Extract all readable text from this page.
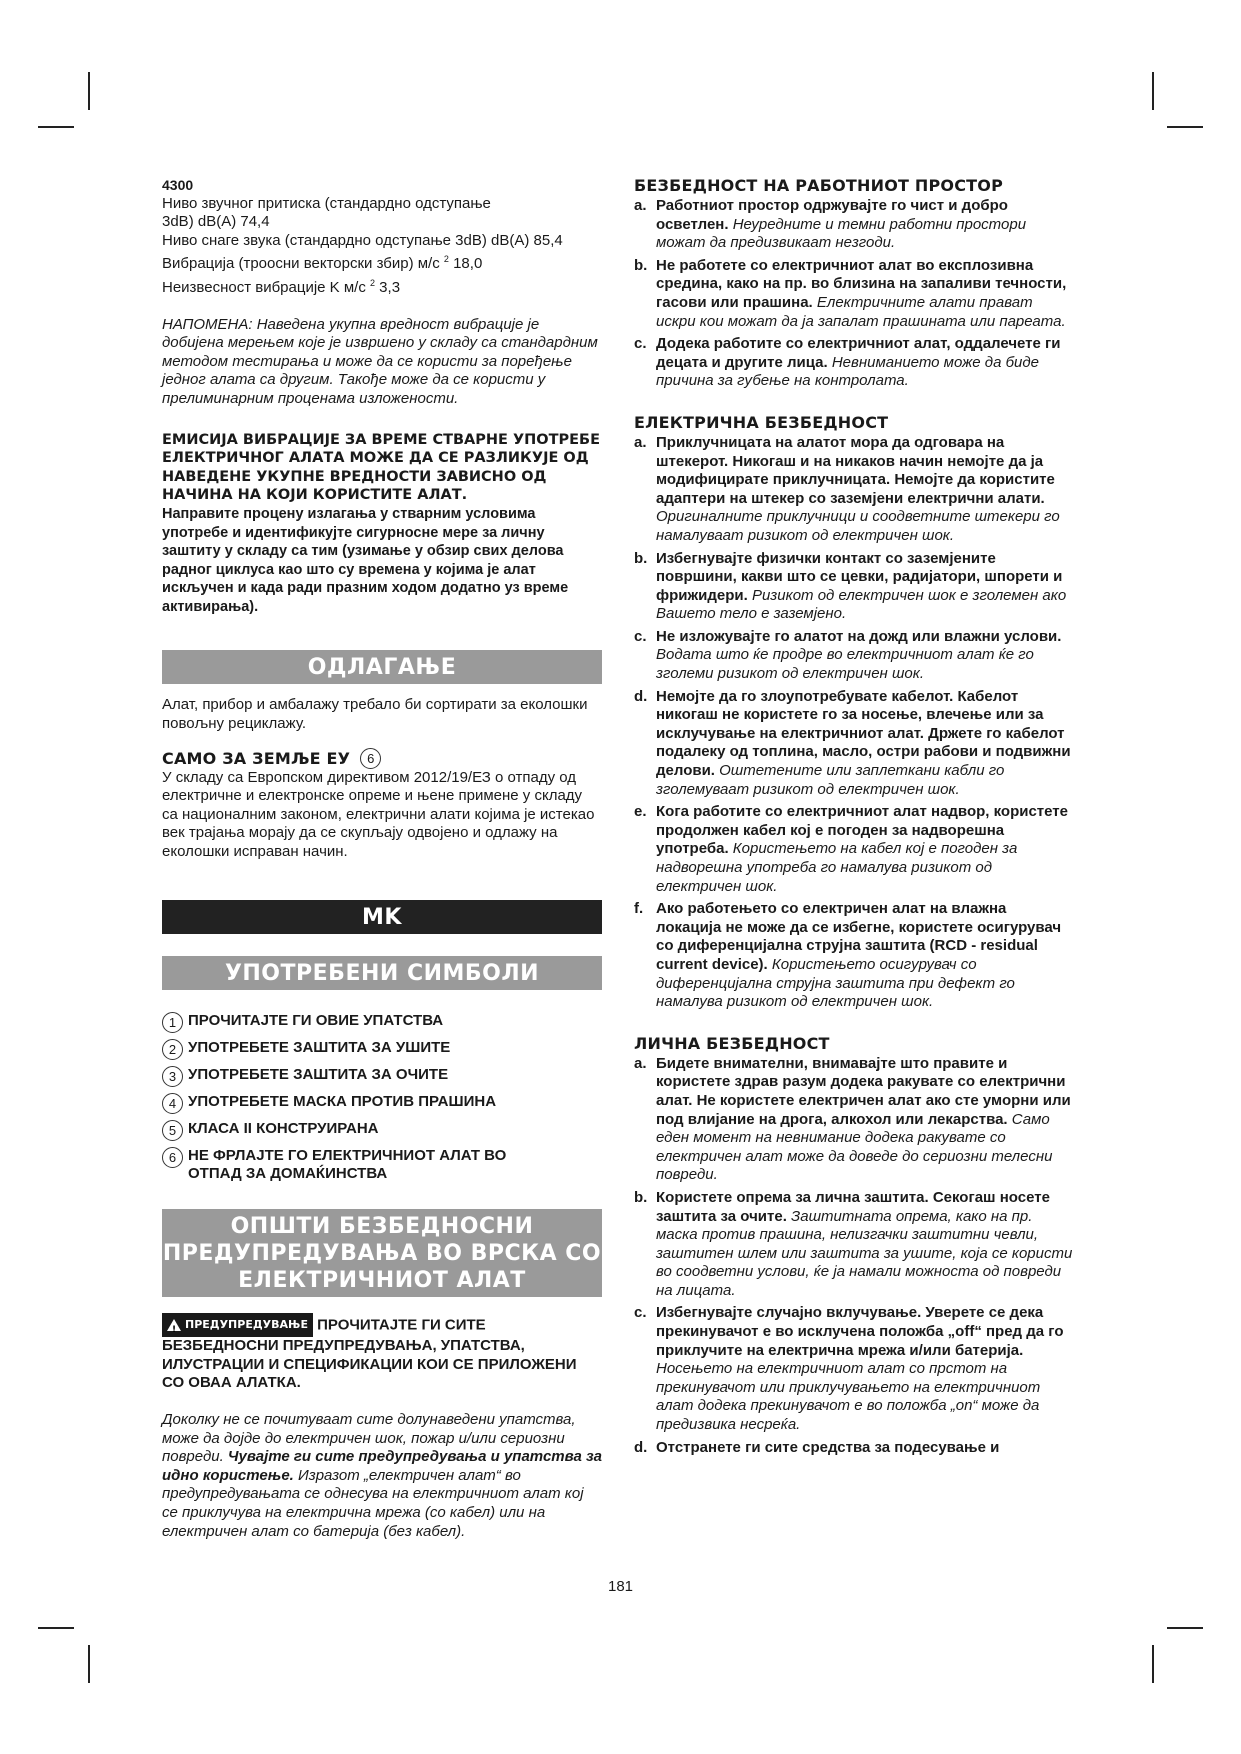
4300

Ниво звучног притиска (стандардно одступање

3dB) dB(A) 74,4

Ниво снаге звука (стандардно одступање 3dB) dB(A) 85,4

Вибрација (троосни векторски збир) м/с $^2$ 18,0

Неизвесност вибрације K м/с $^2$ 3,3

НАПОМЕНА: Наведена укупна вредност вибрације је добијена мерењем које је извршено у складу са стандардним методом тестирања и може да се користи за поређење једног алата са другим. Такође може да се користи у прелиминарним проценама изложености.

ЕМИСИЈА ВИБРАЦИЈЕ ЗА ВРЕМЕ СТВАРНЕ УПОТРЕБЕ ЕЛЕКТРИЧНОГ АЛАТА МОЖЕ ДА СЕ РАЗЛИКУЈЕ ОД НАВЕДЕНЕ УКУПНЕ ВРЕДНОСТИ ЗАВИСНО ОД НАЧИНА НА КОЈИ КОРИСТИТЕ АЛАТ.

Направите процену излагања у стварним условима употребе и идентификујте сигурносне мере за личну заштиту у складу са тим (узимање у обзир свих делова радног циклуса као што су времена у којима је алат искључен и када ради празним ходом додатно уз време активирања).

ОДЛАГАЊЕ

Алат, прибор и амбалажу требало би сортирати за еколошки повољну рециклажу.

САМО ЗА ЗЕМЉЕ ЕУ	6

У складу са Европском директивом 2012/19/ЕЗ о отпаду од електричне и електронске опреме и њене примене у складу са националним законом, електрични алати којима је истекао век трајања морају да се скупљају одвојено и одлажу на еколошки исправан начин.

MK
УПОТРЕБЕНИ СИМБОЛИ
1 ПРОЧИТАЈТЕ ГИ ОВИЕ УПАТСТВА
2 УПОТРЕБЕТЕ ЗАШТИТА ЗА УШИТЕ
3 УПОТРЕБЕТЕ ЗАШТИТА ЗА ОЧИТЕ
4 УПОТРЕБЕТЕ МАСКА ПРОТИВ ПРАШИНА
5 КЛАСА II КОНСТРУИРАНА
6 НЕ ФРЛАЈТЕ ГО ЕЛЕКТРИЧНИОТ АЛАТ ВО ОТПАД ЗА ДОМАЌИНСТВА
ОПШТИ БЕЗБЕДНОСНИ
ПРЕДУПРЕДУВАЊА ВО ВРСКА СО
ЕЛЕКТРИЧНИОТ АЛАТ
! ПРЕДУПРЕДУВАЊЕ ПРОЧИТАЈТЕ ГИ СИТЕ БЕЗБЕДНОСНИ ПРЕДУПРЕДУВАЊА, УПАТСТВА, ИЛУСТРАЦИИ И СПЕЦИФИКАЦИИ КОИ СЕ ПРИЛОЖЕНИ СО ОВАА АЛАТКА.

Доколку не се почитуваат сите долунаведени упатства, може да дојде до електричен шок, пожар и/или сериозни повреди. Чувајте ги сите предупредувања и упатства за идно користење. Изразот „електричен алат“ во предупредувањата се однесува на електричниот алат кој се приклучува на електрична мрежа (со кабел) или на електричен алат со батерија (без кабел).

БЕЗБЕДНОСТ НА РАБОТНИОТ ПРОСТОР

a. Работниот простор одржувајте го чист и добро осветлен. Неуредните и темни работни простори можат да предизвикаат незгоди.
b. Не работете со електричниот алат во експлозивна средина, како на пр. во близина на запаливи течности, гасови или прашина. Електричните алати прават искри кои можат да ја запалат прашината или пареата.
c. Додека работите со електричниот алат, оддалечете ги децата и другите лица. Невниманието може да биде причина за губење на контролата.

ЕЛЕКТРИЧНА БЕЗБЕДНОСТ

a. Приклучницата на алатот мора да одговара на штекерот. Никогаш и на никаков начин немојте да ја модифицирате приклучницата. Немојте да користите адаптери на штекер со заземјени електрични алати. Оригиналните приклучници и соодветните штекери го намалуваат ризикот од електричен шок.
b. Избегнувајте физички контакт со заземјените површини, какви што се цевки, радијатори, шпорети и фрижидери. Ризикот од електричен шок е зголемен ако Вашето тело е заземјено.
c. Не изложувајте го алатот на дожд или влажни услови. Водата што ќе продре во електричниот алат ќе го зголеми ризикот од електричен шок.
d. Немојте да го злоупотребувате кабелот. Кабелот никогаш не користете го за носење, влечење или за исклучување на електричниот алат. Држете го кабелот подалеку од топлина, масло, остри рабови и подвижни делови. Оштетените или заплеткани кабли го зголемуваат ризикот од електричен шок.
e. Кога работите со електричниот алат надвор, користете продолжен кабел кој е погоден за надворешна употреба. Користењето на кабел кој е погоден за надворешна употреба го намалува ризикот од електричен шок.
f. Ако работењето со електричен алат на влажна локација не може да се избегне, користете осигурувач со диференцијална струјна заштита (RCD - residual current device). Користењето осигурувач со диференцијална струјна заштита при дефект го намалува ризикот од електричен шок.

ЛИЧНА БЕЗБЕДНОСТ

a. Бидете внимателни, внимавајте што правите и користете здрав разум додека ракувате со електрични алат. Не користете електричен алат ако сте уморни или под влијание на дрога, алкохол или лекарства. Само еден момент на невнимание додека ракувате со електричен алат може да доведе до сериозни телесни повреди.
b. Користете опрема за лична заштита. Секогаш носете заштита за очите. Заштитната опрема, како на пр. маска против прашина, нелизгачки заштитни чевли, заштитен шлем или заштита за ушите, која се користи во соодветни услови, ќе ја намали можноста од повреди на лицата.
c. Избегнувајте случајно вклучување. Уверете се дека прекинувачот е во исклучена положба „off“ пред да го приклучите на електрична мрежа и/или батерија. Носењето на електричниот алат со прстот на прекинувачот или приклучувањето на електричниот алат додека прекинувачот е во положба „on“ може да предизвика несреќа.
d. Отстранете ги сите средства за подесување и
181
